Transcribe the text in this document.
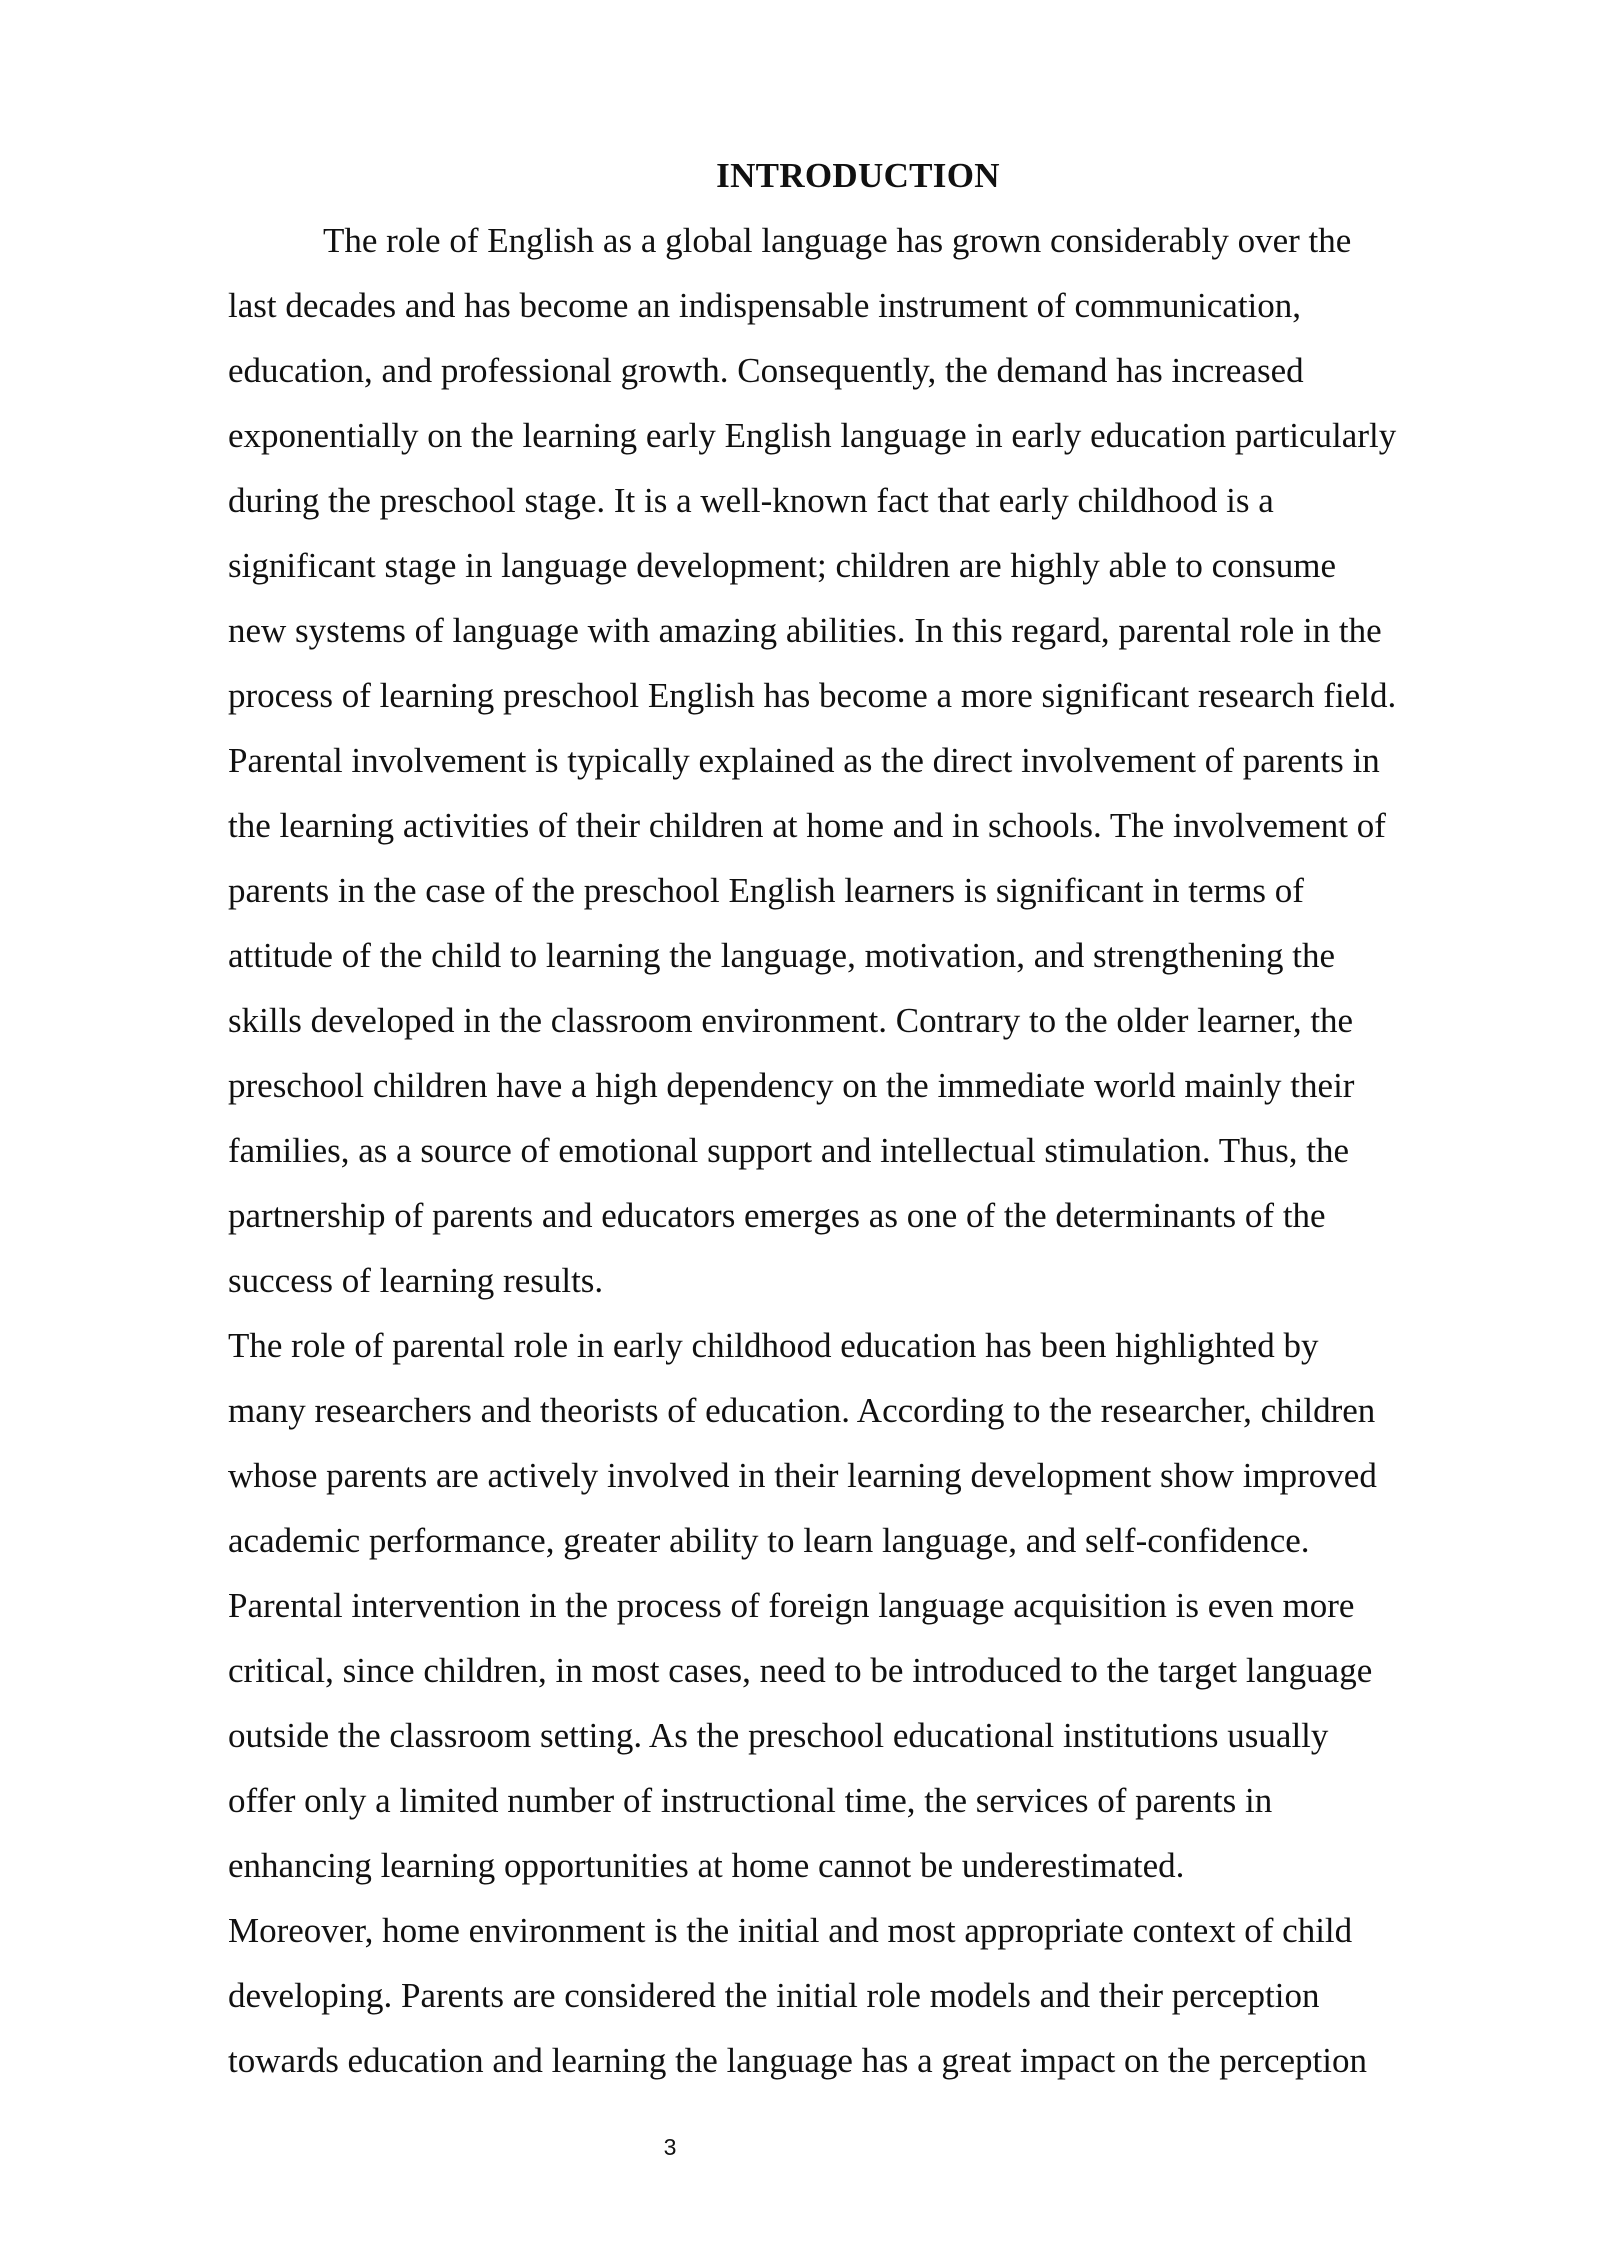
INTRODUCTION
The role of English as a global language has grown considerably over the
last decades and has become an indispensable instrument of communication,
education, and professional growth. Consequently, the demand has increased
exponentially on the learning early English language in early education particularly
during the preschool stage. It is a well-known fact that early childhood is a
significant stage in language development; children are highly able to consume
new systems of language with amazing abilities. In this regard, parental role in the
process of learning preschool English has become a more significant research field.
Parental involvement is typically explained as the direct involvement of parents in
the learning activities of their children at home and in schools. The involvement of
parents in the case of the preschool English learners is significant in terms of
attitude of the child to learning the language, motivation, and strengthening the
skills developed in the classroom environment. Contrary to the older learner, the
preschool children have a high dependency on the immediate world mainly their
families, as a source of emotional support and intellectual stimulation. Thus, the
partnership of parents and educators emerges as one of the determinants of the
success of learning results.
The role of parental role in early childhood education has been highlighted by
many researchers and theorists of education. According to the researcher, children
whose parents are actively involved in their learning development show improved
academic performance, greater ability to learn language, and self-confidence.
Parental intervention in the process of foreign language acquisition is even more
critical, since children, in most cases, need to be introduced to the target language
outside the classroom setting. As the preschool educational institutions usually
offer only a limited number of instructional time, the services of parents in
enhancing learning opportunities at home cannot be underestimated.
Moreover, home environment is the initial and most appropriate context of child
developing. Parents are considered the initial role models and their perception
towards education and learning the language has a great impact on the perception
3
